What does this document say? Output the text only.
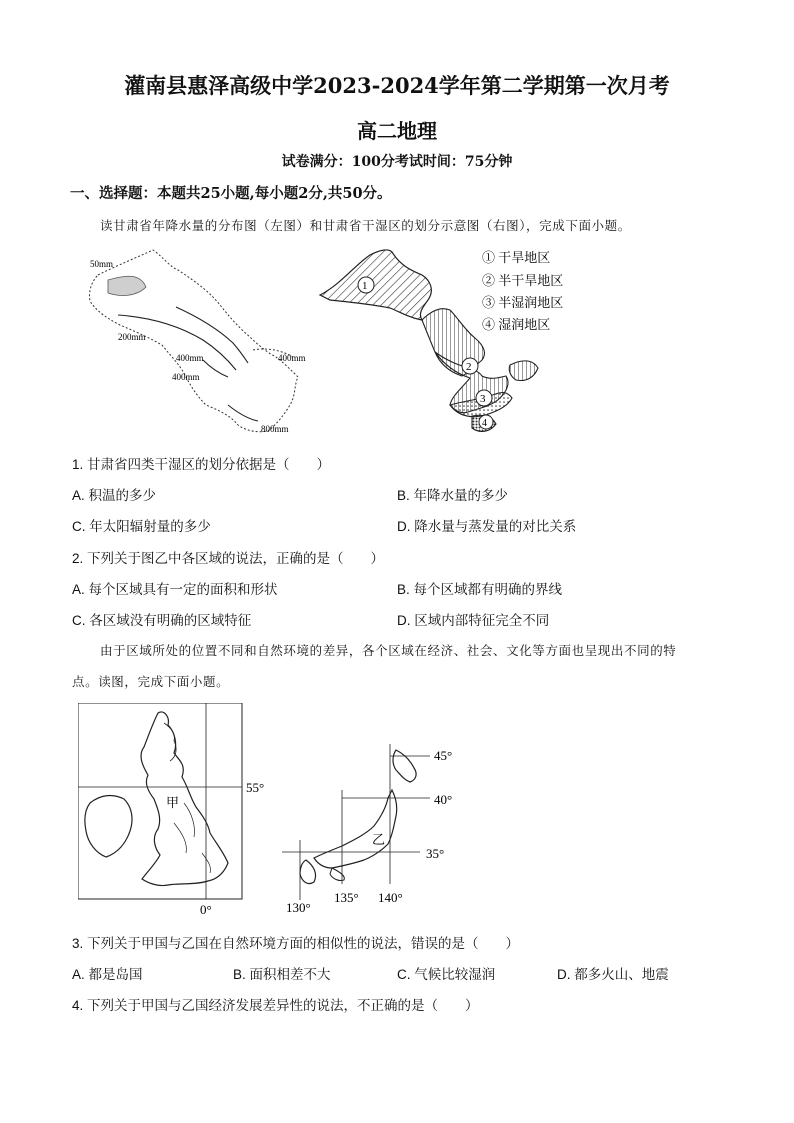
灌南县惠泽高级中学2023-2024学年第二学期第一次月考
高二地理
试卷满分：100分考试时间：75分钟
一、选择题：本题共25小题,每小题2分,共50分。
读甘肃省年降水量的分布图（左图）和甘肃省干湿区的划分示意图（右图），完成下面小题。
50mm
200mm
400mm	400mm
400mm
800mm
1
2
3
4
① 干旱地区
② 半干旱地区
③ 半湿润地区
④ 湿润地区
1. 甘肃省四类干湿区的划分依据是（　　）
A. 积温的多少	B. 年降水量的多少
C. 年太阳辐射量的多少	D. 降水量与蒸发量的对比关系
2. 下列关于图乙中各区域的说法，正确的是（　　）
A. 每个区域具有一定的面积和形状	B. 每个区域都有明确的界线
C. 各区域没有明确的区域特征	D. 区域内部特征完全不同
由于区域所处的位置不同和自然环境的差异，各个区域在经济、社会、文化等方面也呈现出不同的特
点。读图，完成下面小题。
55°
甲
0°
45°
40°
35°
乙
130°
135° 140°
3. 下列关于甲国与乙国在自然环境方面的相似性的说法，错误的是（　　）
A. 都是岛国	B. 面积相差不大	C. 气候比较湿润	D. 都多火山、地震
4. 下列关于甲国与乙国经济发展差异性的说法，不正确的是（　　）
